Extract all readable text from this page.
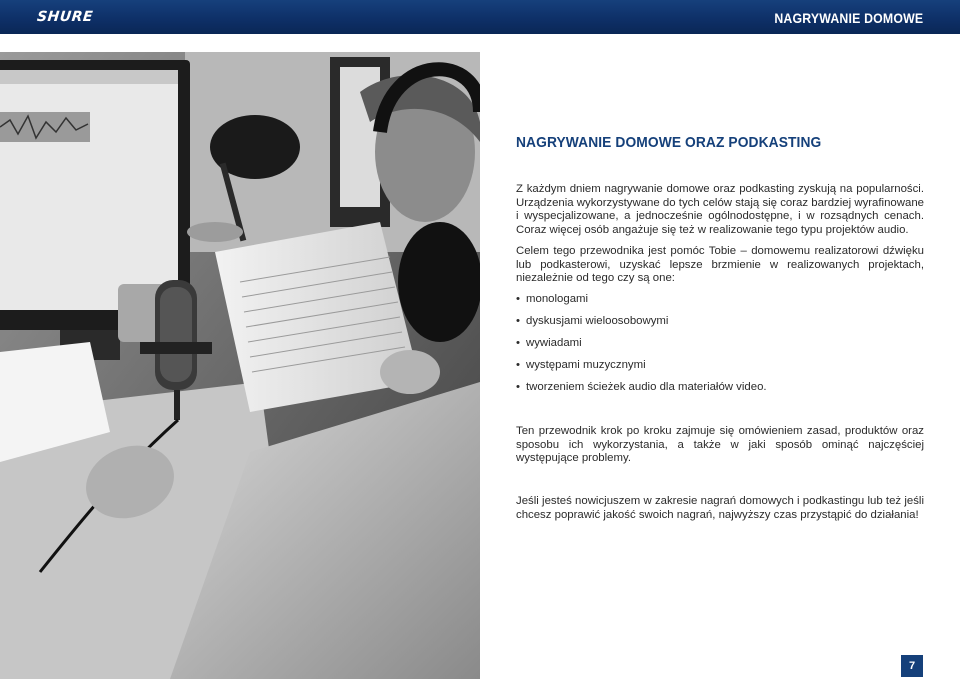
SHURE	NAGRYWANIE DOMOWE
NAGRYWANIE DOMOWE ORAZ PODKASTING

Z każdym dniem nagrywanie domowe oraz podkasting zyskują na popularności. Urządzenia wykorzystywane do tych celów stają się coraz bardziej wyrafinowane i wyspecjalizowane, a jednocześnie ogólnodostępne, i w rozsądnych cenach. Coraz więcej osób angażuje się też w realizowanie tego typu projektów audio.

Celem tego przewodnika jest pomóc Tobie – domowemu realizatorowi dźwięku lub podkasterowi, uzyskać lepsze brzmienie w realizowanych projektach, niezależnie od tego czy są one:

• monologami
• dyskusjami wieloosobowymi
• wywiadami
• występami muzycznymi
• tworzeniem ścieżek audio dla materiałów video.

Ten przewodnik krok po kroku zajmuje się omówieniem zasad, produktów oraz sposobu ich wykorzystania, a także w jaki sposób ominąć najczęściej występujące problemy.

Jeśli jesteś nowicjuszem w zakresie nagrań domowych i podkastingu lub też jeśli chcesz poprawić jakość swoich nagrań, najwyższy czas przystąpić do działania!

7
